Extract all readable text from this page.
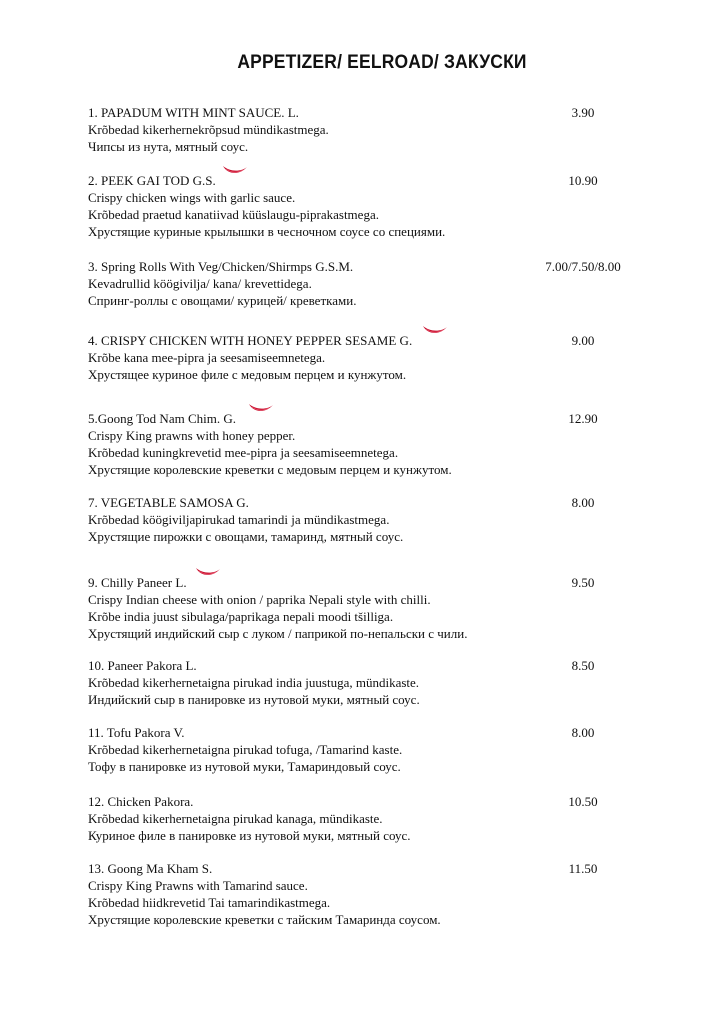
APPETIZER/ EELROAD/ ЗАКУСКИ
1. PAPADUM WITH MINT SAUCE. L.	3.90
Krõbedad kikerhernekrõpsud mündikastmega.
Чипсы из нута, мятный соус.
2. PEEK GAI TOD G.S.	10.90
Crispy chicken wings with garlic sauce.
Krõbedad praetud kanatiivad küüslaugu-piprakastmega.
Хрустящие куриные крылышки в чесночном соусе со специями.
3. Spring Rolls With Veg/Chicken/Shirmps G.S.M.	7.00/7.50/8.00
Kevadrullid köögivilja/ kana/ krevettidega.
Спринг-роллы с овощами/ курицей/ креветками.
4. CRISPY CHICKEN WITH HONEY PEPPER SESAME G.	9.00
Krõbe kana mee-pipra ja seesamiseemnetega.
Хрустящее куриное филе с медовым перцем и кунжутом.
5.Goong Tod Nam Chim. G.	12.90
Crispy King prawns with honey pepper.
Krõbedad kuningkrevetid mee-pipra ja seesamiseemnetega.
Хрустящие королевские креветки с медовым перцем и кунжутом.
7. VEGETABLE SAMOSA G.	8.00
Krõbedad köögiviljapirukad tamarindi ja mündikastmega.
Хрустящие пирожки с овощами, тамаринд, мятный соус.
9. Chilly Paneer L.	9.50
Crispy Indian cheese with onion / paprika Nepali style with chilli.
Krõbe india juust sibulaga/paprikaga nepali moodi tšilliga.
Хрустящий индийский сыр с луком / паприкой по-непальски с чили.
10. Paneer Pakora L.	8.50
Krõbedad kikerhernetaigna pirukad india juustuga, mündikaste.
Индийский сыр в панировке из нутовой муки, мятный соус.
11. Tofu Pakora V.	8.00
Krõbedad kikerhernetaigna pirukad tofuga, /Tamarind kaste.
Тофу в панировке из нутовой муки, Тамариндовый соус.
12. Chicken Pakora.	10.50
Krõbedad kikerhernetaigna pirukad kanaga, mündikaste.
Куриное филе в панировке из нутовой муки, мятный соус.
13. Goong Ma Kham S.	11.50
Crispy King Prawns with Tamarind sauce.
Krõbedad hiidkrevetid Tai tamarindikastmega.
Хрустящие королевские креветки с тайским Тамаринда соусом.
